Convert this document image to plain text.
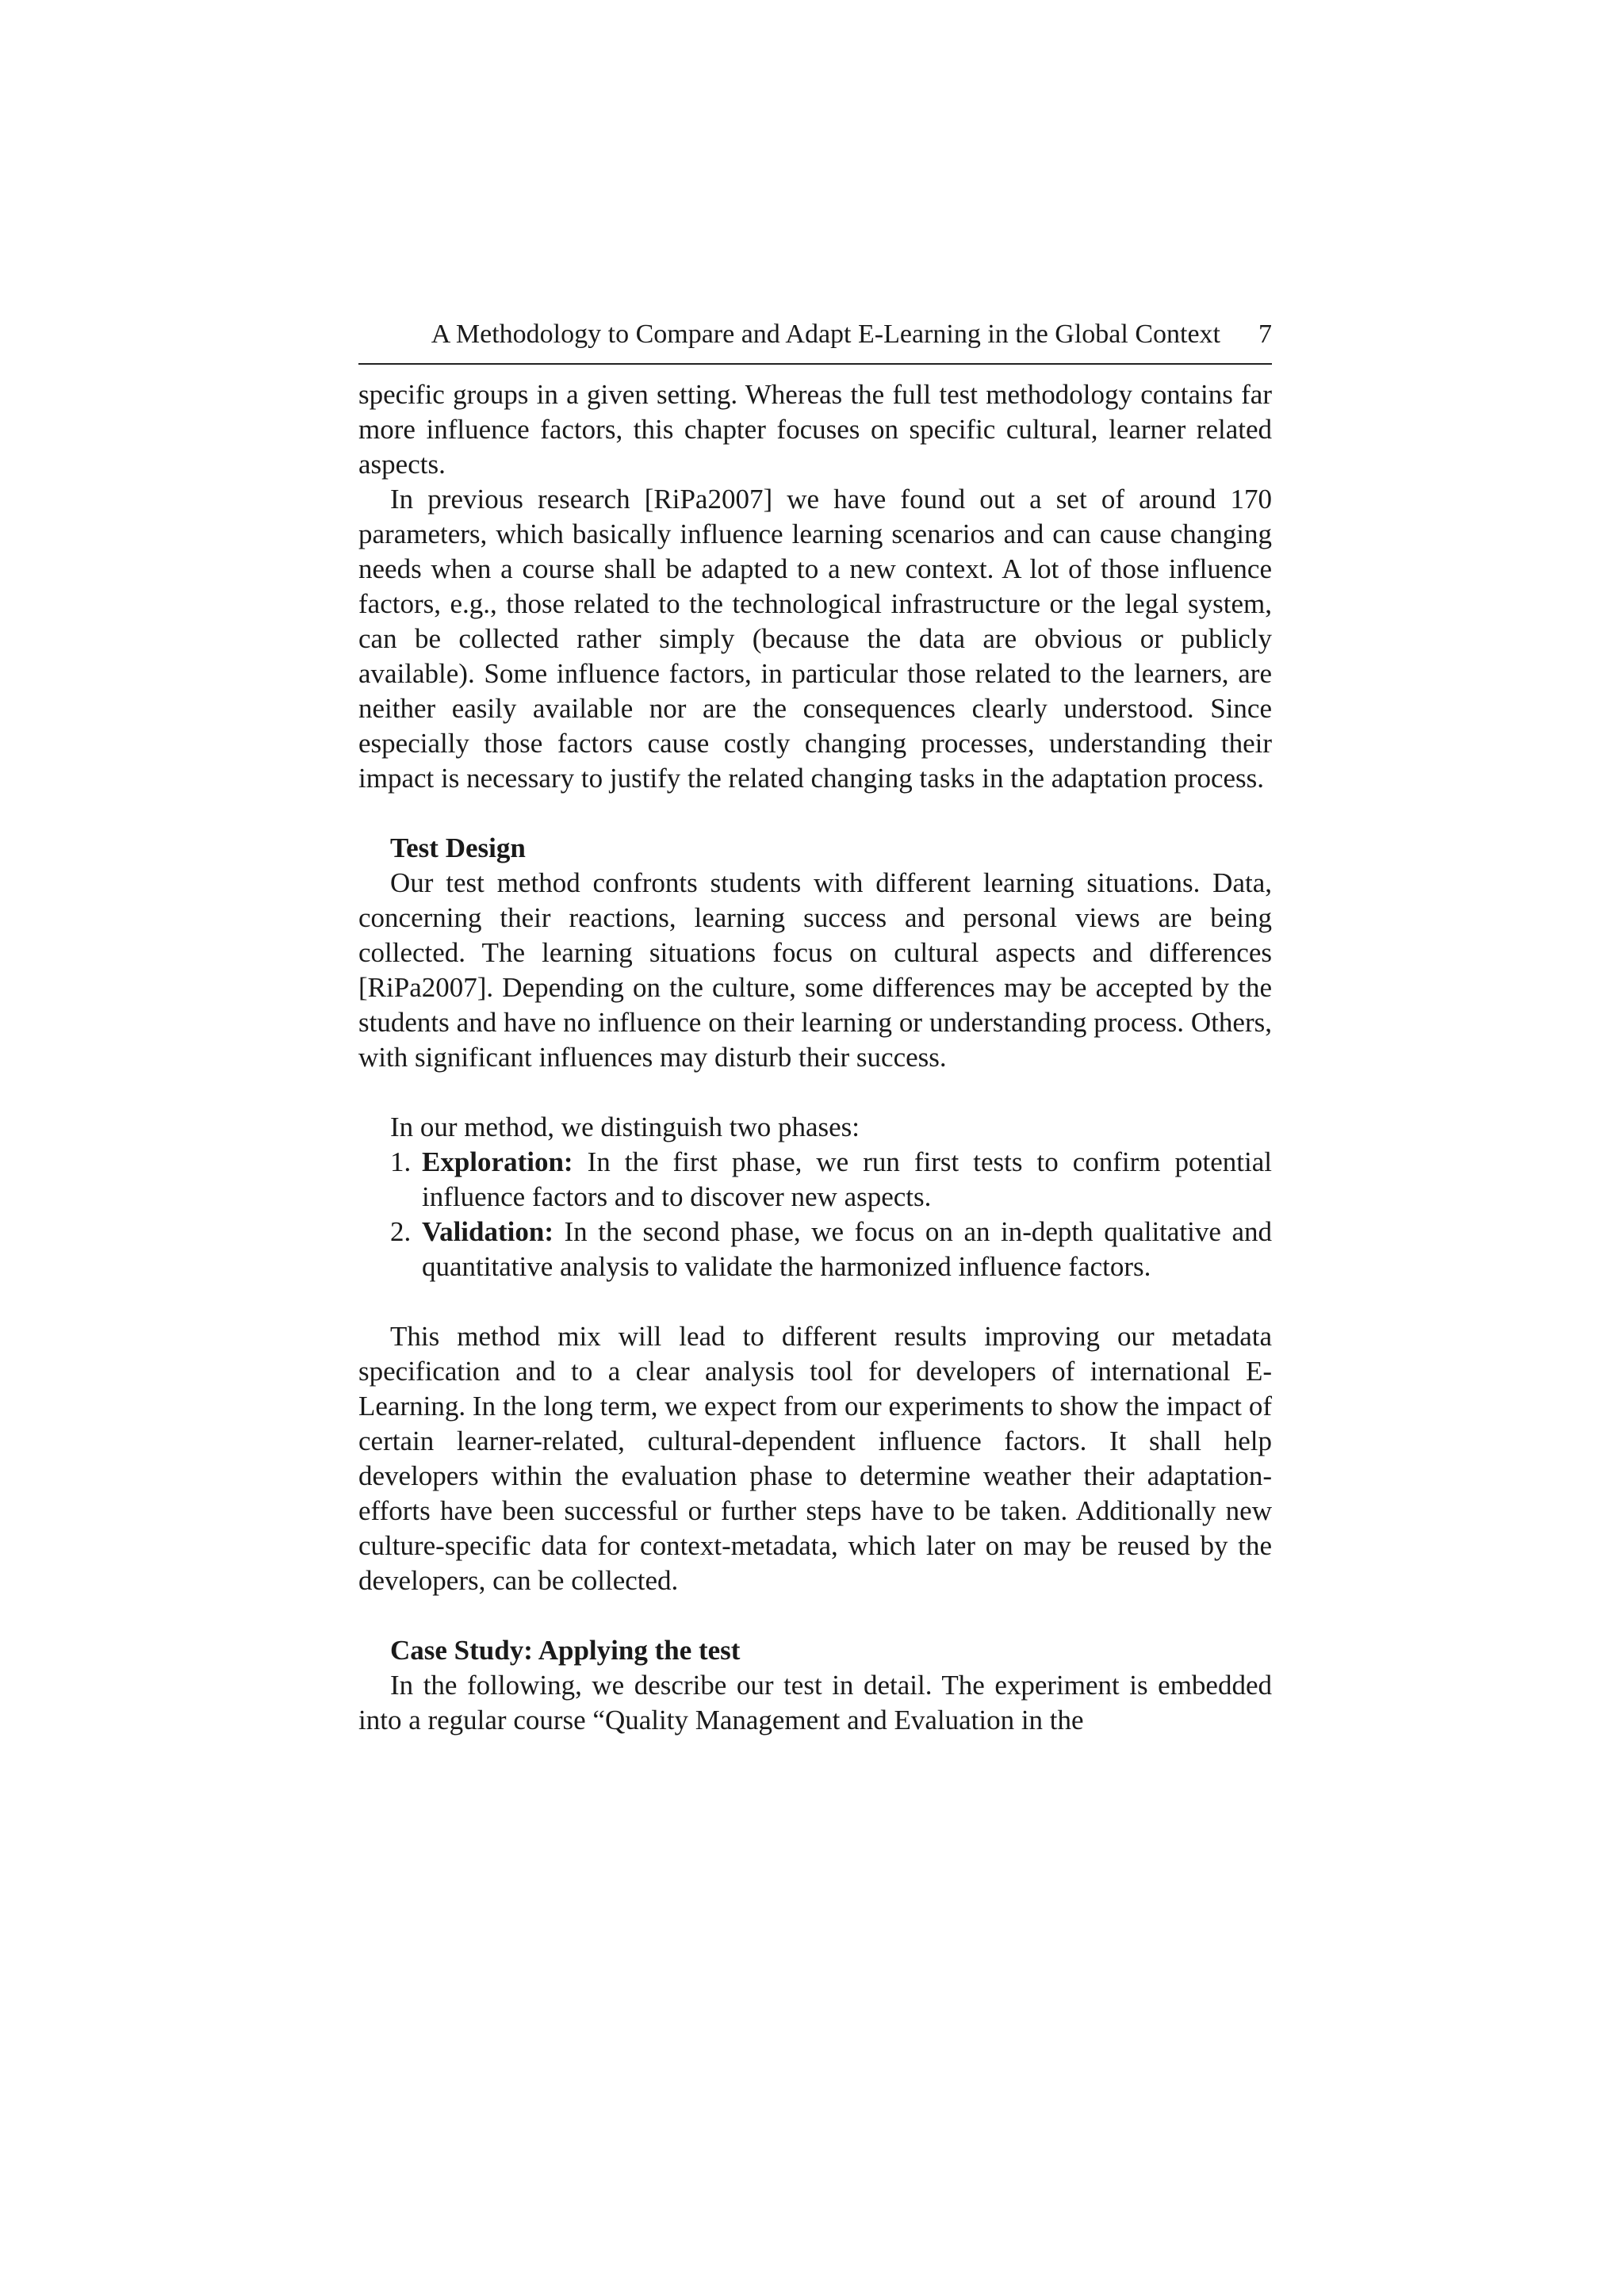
A Methodology to Compare and Adapt E-Learning in the Global Context 7

specific groups in a given setting. Whereas the full test methodology contains far more influence factors, this chapter focuses on specific cultural, learner related aspects.

In previous research [RiPa2007] we have found out a set of around 170 parameters, which basically influence learning scenarios and can cause changing needs when a course shall be adapted to a new context. A lot of those influence factors, e.g., those related to the technological infrastructure or the legal system, can be collected rather simply (because the data are obvious or publicly available). Some influence factors, in particular those related to the learners, are neither easily available nor are the consequences clearly understood. Since especially those factors cause costly changing processes, understanding their impact is necessary to justify the related changing tasks in the adaptation process.

Test Design

Our test method confronts students with different learning situations. Data, concerning their reactions, learning success and personal views are being collected. The learning situations focus on cultural aspects and differences [RiPa2007]. Depending on the culture, some differences may be accepted by the students and have no influence on their learning or understanding process. Others, with significant influences may disturb their success.

In our method, we distinguish two phases:

1. Exploration: In the first phase, we run first tests to confirm potential influence factors and to discover new aspects.
2. Validation: In the second phase, we focus on an in-depth qualitative and quantitative analysis to validate the harmonized influence factors.

This method mix will lead to different results improving our metadata specification and to a clear analysis tool for developers of international E-Learning. In the long term, we expect from our experiments to show the impact of certain learner-related, cultural-dependent influence factors. It shall help developers within the evaluation phase to determine weather their adaptation-efforts have been successful or further steps have to be taken. Additionally new culture-specific data for context-metadata, which later on may be reused by the developers, can be collected.

Case Study: Applying the test

In the following, we describe our test in detail. The experiment is embedded into a regular course “Quality Management and Evaluation in the
